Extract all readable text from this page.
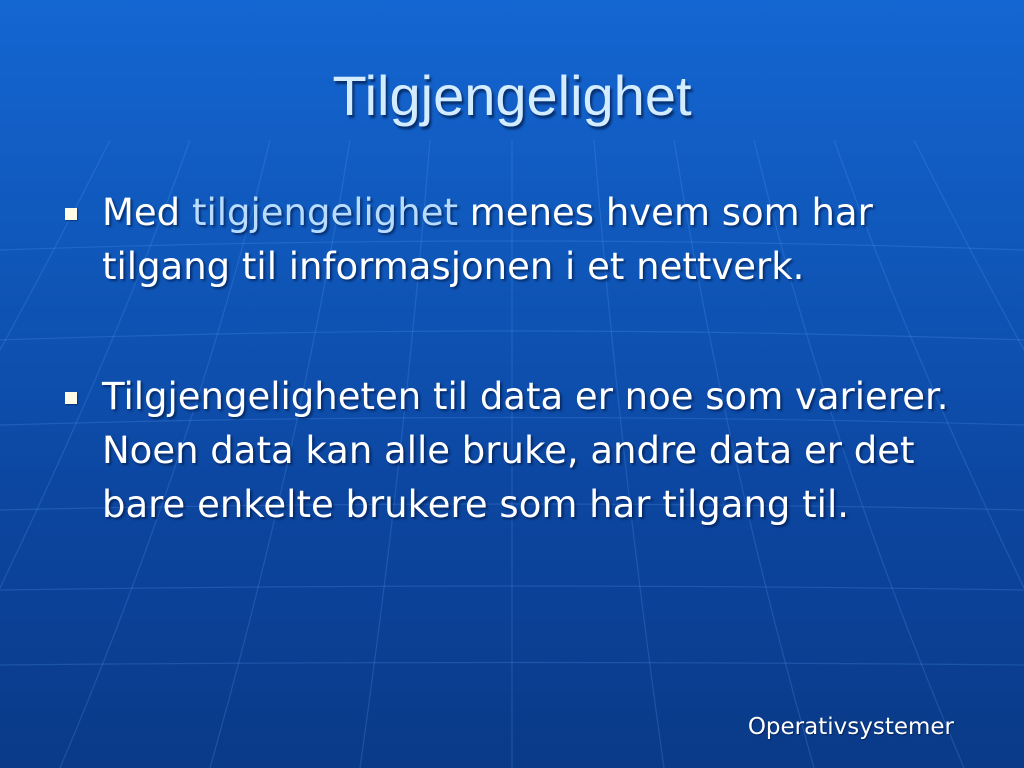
Tilgjengelighet
Med tilgjengelighet menes hvem som har tilgang til informasjonen i et nettverk.
Tilgjengeligheten til data er noe som varierer. Noen data kan alle bruke, andre data er det bare enkelte brukere som har tilgang til.
Operativsystemer
